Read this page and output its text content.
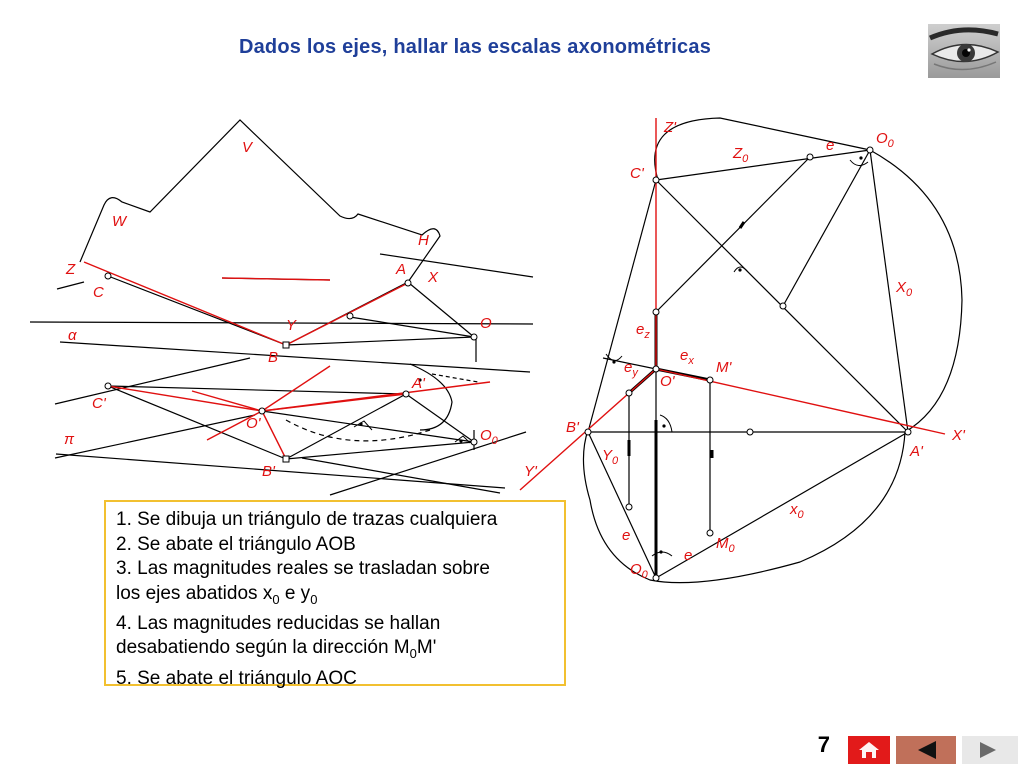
Dados los ejes, hallar las escalas axonométricas
V
W
H
Z
C
A X
Y	O
B
α
C'
A'
O'
$O_0$
B'
π
Z'
C'
$O_0$
$Z_0$
e
$X_0$
$e_z$
$e_y$
$e_x$ M'
O'
B'	X'
A'
Y'
$Y_0$
$x_0$
e	$M_0$
e
$O_0$
1. Se dibuja un triángulo de trazas cualquiera
2. Se abate el triángulo AOB
3. Las magnitudes reales se trasladan sobre
los ejes abatidos $x_0$ e $y_0$
4. Las magnitudes reducidas se hallan
desabatiendo según la dirección $M_0M'$
5. Se abate el triángulo AOC
7
